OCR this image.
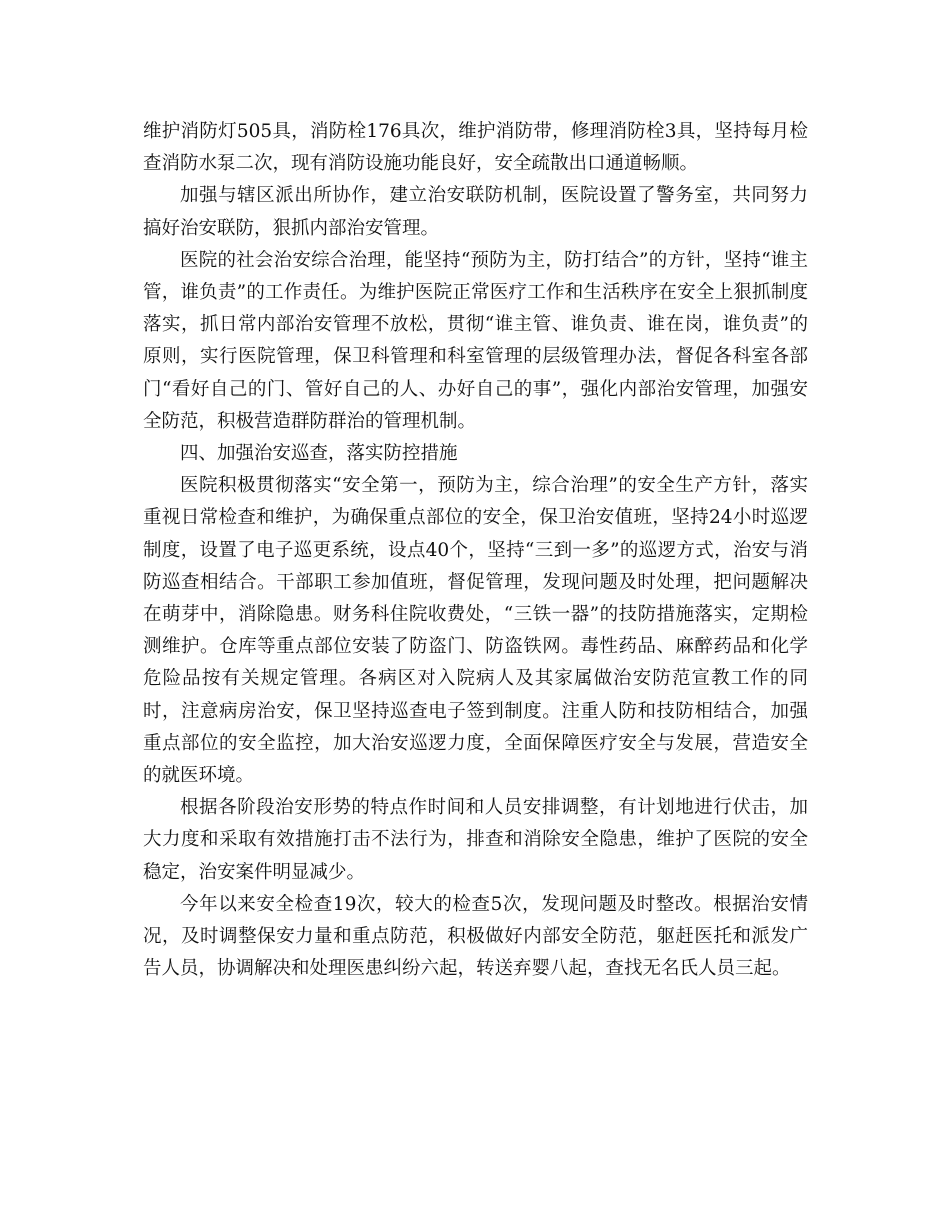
维护消防灯505具，消防栓176具次，维护消防带，修理消防栓3具，坚持每月检查消防水泵二次，现有消防设施功能良好，安全疏散出口通道畅顺。

加强与辖区派出所协作，建立治安联防机制，医院设置了警务室，共同努力搞好治安联防，狠抓内部治安管理。

医院的社会治安综合治理，能坚持“预防为主，防打结合”的方针，坚持“谁主管，谁负责”的工作责任。为维护医院正常医疗工作和生活秩序在安全上狠抓制度落实，抓日常内部治安管理不放松，贯彻“谁主管、谁负责、谁在岗，谁负责”的原则，实行医院管理，保卫科管理和科室管理的层级管理办法，督促各科室各部门“看好自己的门、管好自己的人、办好自己的事”，强化内部治安管理，加强安全防范，积极营造群防群治的管理机制。

四、加强治安巡查，落实防控措施

医院积极贯彻落实“安全第一，预防为主，综合治理”的安全生产方针，落实重视日常检查和维护，为确保重点部位的安全，保卫治安值班，坚持24小时巡逻制度，设置了电子巡更系统，设点40个，坚持“三到一多”的巡逻方式，治安与消防巡查相结合。干部职工参加值班，督促管理，发现问题及时处理，把问题解决在萌芽中，消除隐患。财务科住院收费处，“三铁一器”的技防措施落实，定期检测维护。仓库等重点部位安装了防盗门、防盗铁网。毒性药品、麻醉药品和化学危险品按有关规定管理。各病区对入院病人及其家属做治安防范宣教工作的同时，注意病房治安，保卫坚持巡查电子签到制度。注重人防和技防相结合，加强重点部位的安全监控，加大治安巡逻力度，全面保障医疗安全与发展，营造安全的就医环境。

根据各阶段治安形势的特点作时间和人员安排调整，有计划地进行伏击，加大力度和采取有效措施打击不法行为，排查和消除安全隐患，维护了医院的安全稳定，治安案件明显减少。

今年以来安全检查19次，较大的检查5次，发现问题及时整改。根据治安情况，及时调整保安力量和重点防范，积极做好内部安全防范，躯赶医托和派发广告人员，协调解决和处理医患纠纷六起，转送弃婴八起，查找无名氏人员三起。
